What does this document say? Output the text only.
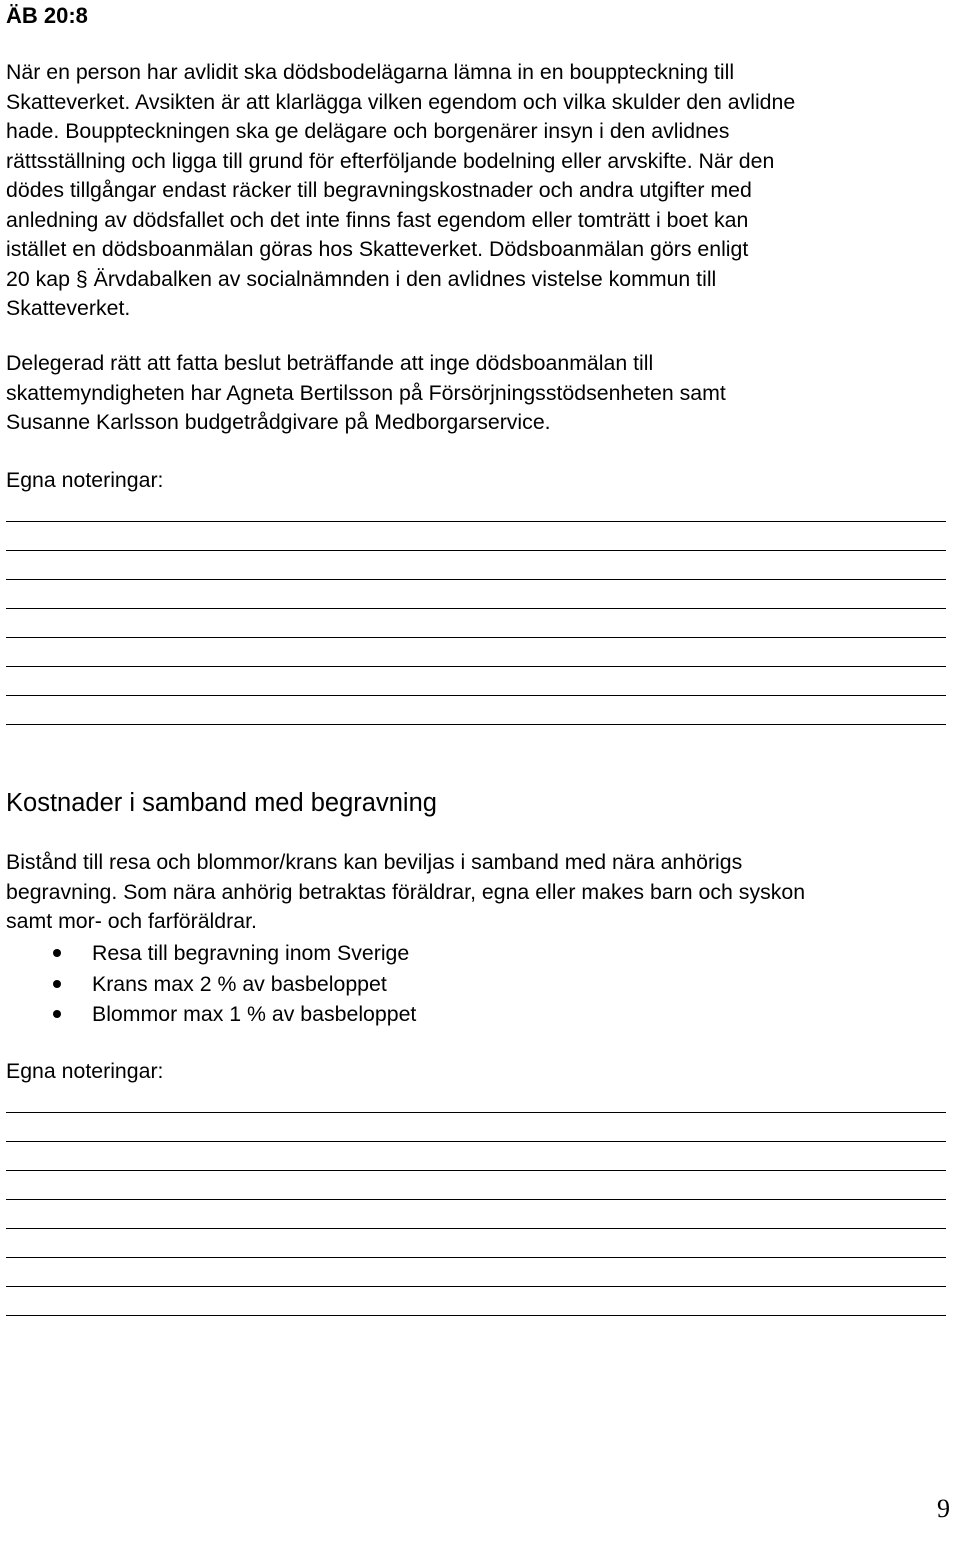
ÄB 20:8

När en person har avlidit ska dödsbodelägarna lämna in en bouppteckning till
Skatteverket. Avsikten är att klarlägga vilken egendom och vilka skulder den avlidne
hade. Bouppteckningen ska ge delägare och borgenärer insyn i den avlidnes
rättsställning och ligga till grund för efterföljande bodelning eller arvskifte. När den
dödes tillgångar endast räcker till begravningskostnader och andra utgifter med
anledning av dödsfallet och det inte finns fast egendom eller tomträtt i boet kan
istället en dödsboanmälan göras hos Skatteverket. Dödsboanmälan görs enligt
20 kap § Ärvdabalken av socialnämnden i den avlidnes vistelse kommun till
Skatteverket.

Delegerad rätt att fatta beslut beträffande att inge dödsboanmälan till
skattemyndigheten har Agneta Bertilsson på Försörjningsstödsenheten samt
Susanne Karlsson budgetrådgivare på Medborgarservice.

Egna noteringar:
Kostnader i samband med begravning

Bistånd till resa och blommor/krans kan beviljas i samband med nära anhörigs
begravning. Som nära anhörig betraktas föräldrar, egna eller makes barn och syskon
samt mor- och farföräldrar.

Resa till begravning inom Sverige
Krans max 2 % av basbeloppet
Blommor max 1 % av basbeloppet
Egna noteringar:
9
